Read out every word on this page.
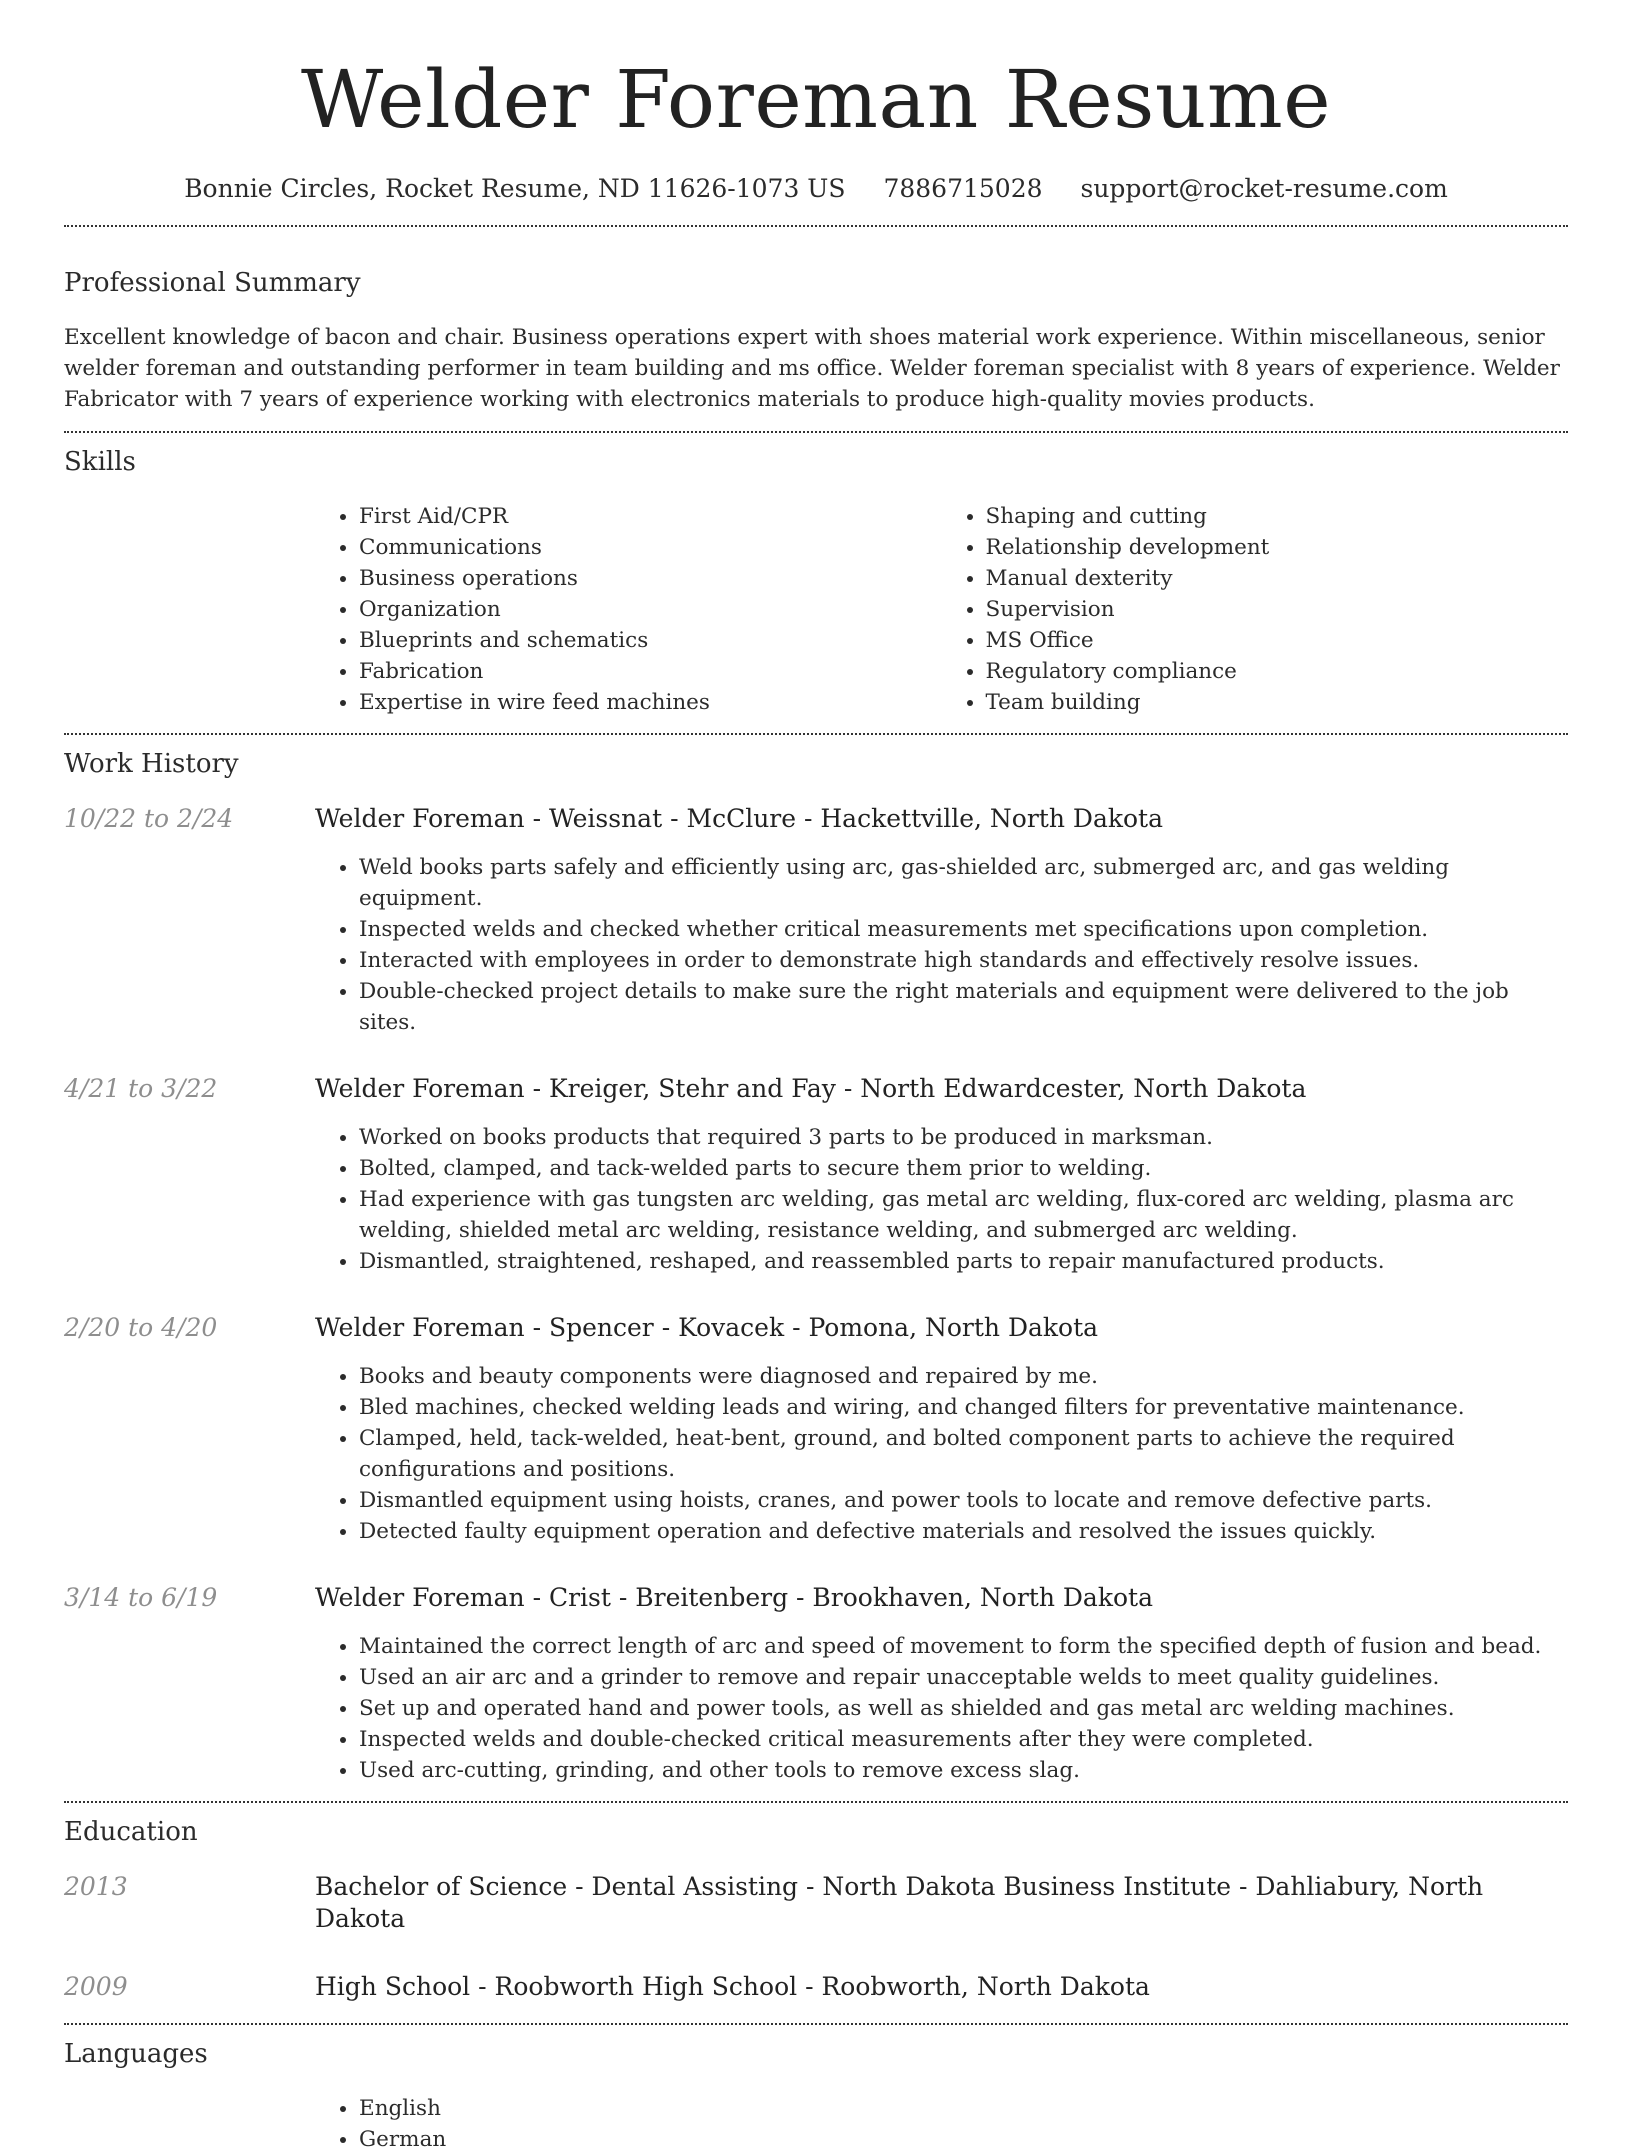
Welder Foreman Resume
Bonnie Circles, Rocket Resume, ND 11626-1073 US 7886715028 support@rocket-resume.com
Professional Summary

Excellent knowledge of bacon and chair. Business operations expert with shoes material work experience. Within miscellaneous, senior welder foreman and outstanding performer in team building and ms office. Welder foreman specialist with 8 years of experience. Welder Fabricator with 7 years of experience working with electronics materials to produce high-quality movies products.

Skills
• First Aid/CPR
• Communications
• Business operations
• Organization
• Blueprints and schematics
• Fabrication
• Expertise in wire feed machines
• Shaping and cutting
• Relationship development
• Manual dexterity
• Supervision
• MS Office
• Regulatory compliance
• Team building
Work History
10/22 to 2/24	Welder Foreman - Weissnat - McClure - Hackettville, North Dakota
• Weld books parts safely and efficiently using arc, gas-shielded arc, submerged arc, and gas welding equipment.
• Inspected welds and checked whether critical measurements met specifications upon completion.
• Interacted with employees in order to demonstrate high standards and effectively resolve issues.
• Double-checked project details to make sure the right materials and equipment were delivered to the job sites.
4/21 to 3/22	Welder Foreman - Kreiger, Stehr and Fay - North Edwardcester, North Dakota
• Worked on books products that required 3 parts to be produced in marksman.
• Bolted, clamped, and tack-welded parts to secure them prior to welding.
• Had experience with gas tungsten arc welding, gas metal arc welding, flux-cored arc welding, plasma arc welding, shielded metal arc welding, resistance welding, and submerged arc welding.
• Dismantled, straightened, reshaped, and reassembled parts to repair manufactured products.
2/20 to 4/20	Welder Foreman - Spencer - Kovacek - Pomona, North Dakota
• Books and beauty components were diagnosed and repaired by me.
• Bled machines, checked welding leads and wiring, and changed filters for preventative maintenance.
• Clamped, held, tack-welded, heat-bent, ground, and bolted component parts to achieve the required configurations and positions.
• Dismantled equipment using hoists, cranes, and power tools to locate and remove defective parts.
• Detected faulty equipment operation and defective materials and resolved the issues quickly.
3/14 to 6/19	Welder Foreman - Crist - Breitenberg - Brookhaven, North Dakota
• Maintained the correct length of arc and speed of movement to form the specified depth of fusion and bead.
• Used an air arc and a grinder to remove and repair unacceptable welds to meet quality guidelines.
• Set up and operated hand and power tools, as well as shielded and gas metal arc welding machines.
• Inspected welds and double-checked critical measurements after they were completed.
• Used arc-cutting, grinding, and other tools to remove excess slag.
Education
2013	Bachelor of Science - Dental Assisting - North Dakota Business Institute - Dahliabury, North Dakota
2009	High School - Roobworth High School - Roobworth, North Dakota
Languages
• English
• German
